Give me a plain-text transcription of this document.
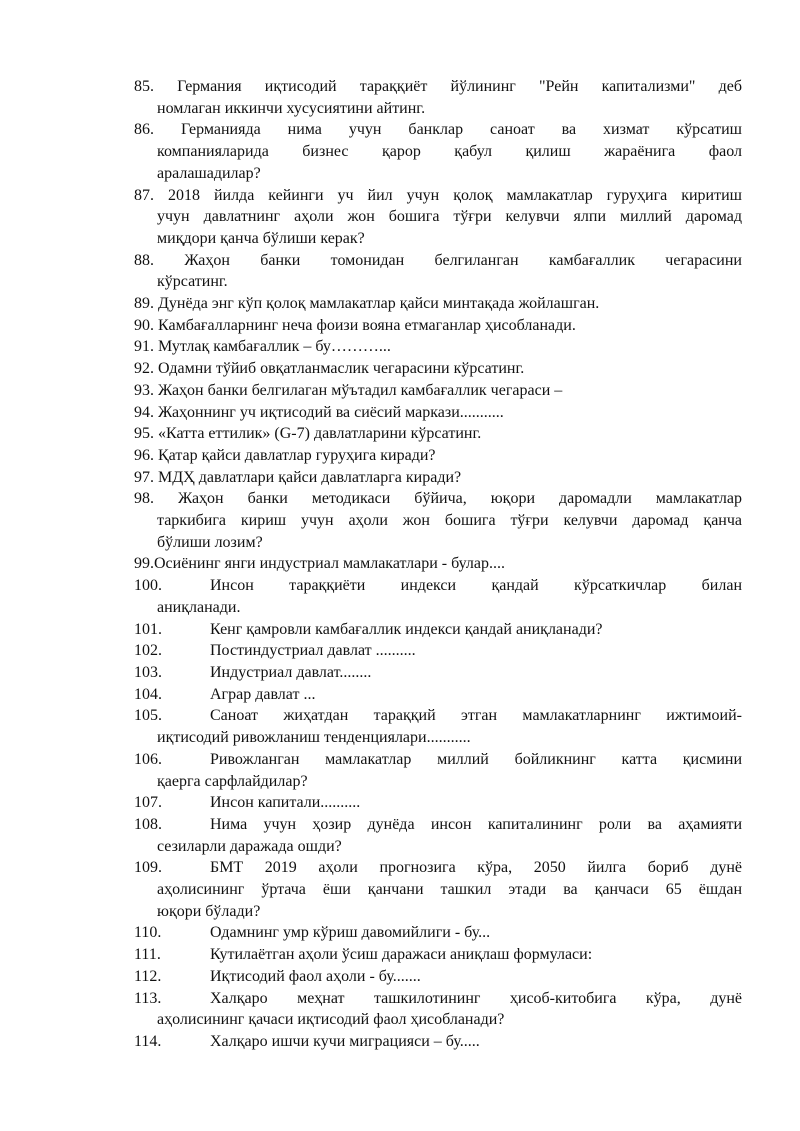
85. Германия иқтисодий тараққиёт йўлининг "Рейн капитализми" деб
номлаган иккинчи хусусиятини айтинг.
86. Германияда нима учун банклар саноат ва хизмат кўрсатиш
компанияларида бизнес қарор қабул қилиш жараёнига фаол
аралашадилар?
87. 2018 йилда кейинги уч йил учун қолоқ мамлакатлар гуруҳига киритиш
учун давлатнинг аҳоли жон бошига тўғри келувчи ялпи миллий даромад
миқдори қанча бўлиши керак?
88. Жаҳон банки томонидан белгиланган камбағаллик чегарасини
кўрсатинг.
89. Дунёда энг кўп қолоқ мамлакатлар қайси минтақада жойлашган.
90. Камбағалларнинг неча фоизи вояна етмаганлар ҳисобланади.
91. Мутлақ камбағаллик – бу………...
92. Одамни тўйиб овқатланмаслик чегарасини кўрсатинг.
93. Жаҳон банки белгилаган мўътадил камбағаллик чегараси –
94. Жаҳоннинг уч иқтисодий ва сиёсий маркази...........
95. «Катта еттилик» (G-7) давлатларини кўрсатинг.
96. Қатар қайси давлатлар гуруҳига киради?
97. МДҲ давлатлари қайси давлатларга киради?
98. Жаҳон банки методикаси бўйича, юқори даромадли мамлакатлар
таркибига кириш учун аҳоли жон бошига тўғри келувчи даромад қанча
бўлиши лозим?
99.Осиёнинг янги индустриал мамлакатлари - булар....
100.	Инсон тараққиёти индекси қандай кўрсаткичлар билан
аниқланади.
101.	Кенг қамровли камбағаллик индекси қандай аниқланади?
102.	Постиндустриал давлат ..........
103.	Индустриал давлат........
104.	Аграр давлат ...
105.	Саноат жиҳатдан тараққий этган мамлакатларнинг ижтимоий-
иқтисодий ривожланиш тенденциялари...........
106.	Ривожланган мамлакатлар миллий бойликнинг катта қисмини
қаерга сарфлайдилар?
107.	Инсон капитали..........
108.	Нима учун ҳозир дунёда инсон капиталининг роли ва аҳамияти
сезиларли даражада ошди?
109.	БМТ 2019 аҳоли прогнозига кўра, 2050 йилга бориб дунё
аҳолисининг ўртача ёши қанчани ташкил этади ва қанчаси 65 ёшдан
юқори бўлади?
110.	Одамнинг умр кўриш давомийлиги - бу...
111.	Кутилаётган аҳоли ўсиш даражаси аниқлаш формуласи:
112.	Иқтисодий фаол аҳоли - бу.......
113.	Халқаро меҳнат ташкилотининг ҳисоб-китобига кўра, дунё
аҳолисининг қачаси иқтисодий фаол ҳисобланади?
114.	Халқаро ишчи кучи миграцияси – бу.....
